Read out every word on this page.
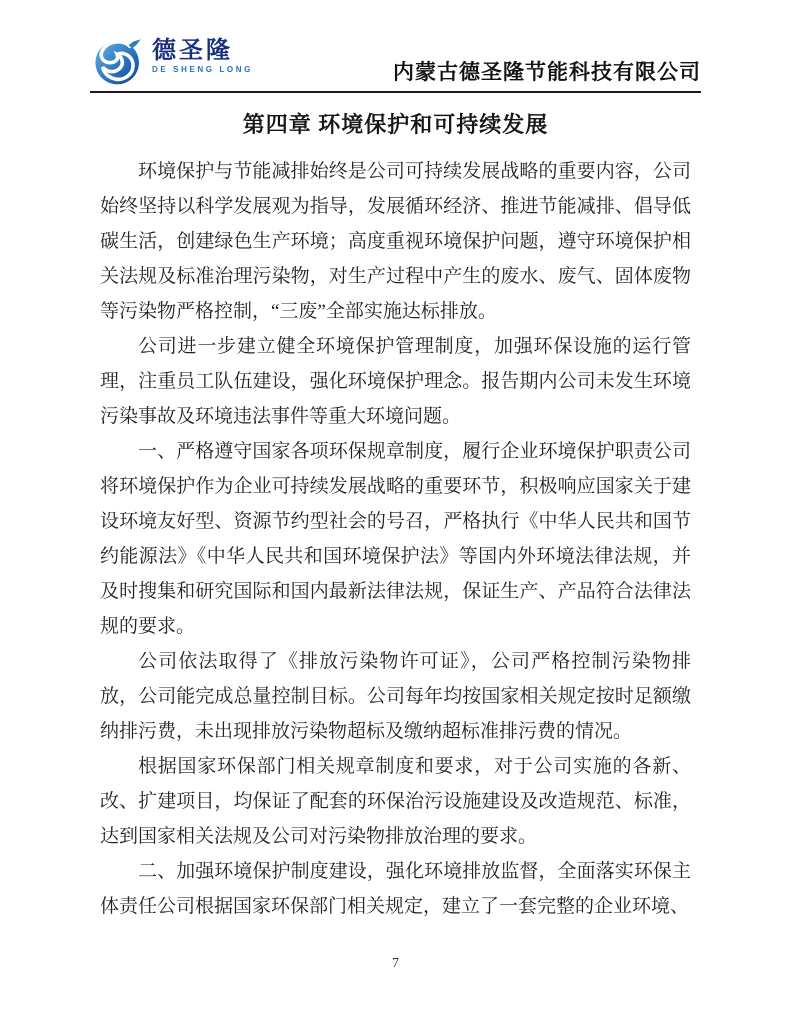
德圣隆
DE SHENG LONG	内蒙古德圣隆节能科技有限公司
第四章 环境保护和可持续发展

环境保护与节能减排始终是公司可持续发展战略的重要内容，公司始终坚持以科学发展观为指导，发展循环经济、推进节能减排、倡导低碳生活，创建绿色生产环境；高度重视环境保护问题，遵守环境保护相关法规及标准治理污染物，对生产过程中产生的废水、废气、固体废物等污染物严格控制，“三废”全部实施达标排放。

公司进一步建立健全环境保护管理制度，加强环保设施的运行管理，注重员工队伍建设，强化环境保护理念。报告期内公司未发生环境污染事故及环境违法事件等重大环境问题。

一、严格遵守国家各项环保规章制度，履行企业环境保护职责公司将环境保护作为企业可持续发展战略的重要环节，积极响应国家关于建设环境友好型、资源节约型社会的号召，严格执行《中华人民共和国节约能源法》《中华人民共和国环境保护法》等国内外环境法律法规，并及时搜集和研究国际和国内最新法律法规，保证生产、产品符合法律法规的要求。

公司依法取得了《排放污染物许可证》，公司严格控制污染物排放，公司能完成总量控制目标。公司每年均按国家相关规定按时足额缴纳排污费，未出现排放污染物超标及缴纳超标准排污费的情况。

根据国家环保部门相关规章制度和要求，对于公司实施的各新、改、扩建项目，均保证了配套的环保治污设施建设及改造规范、标准，达到国家相关法规及公司对污染物排放治理的要求。

二、加强环境保护制度建设，强化环境排放监督，全面落实环保主体责任公司根据国家环保部门相关规定，建立了一套完整的企业环境、

7
